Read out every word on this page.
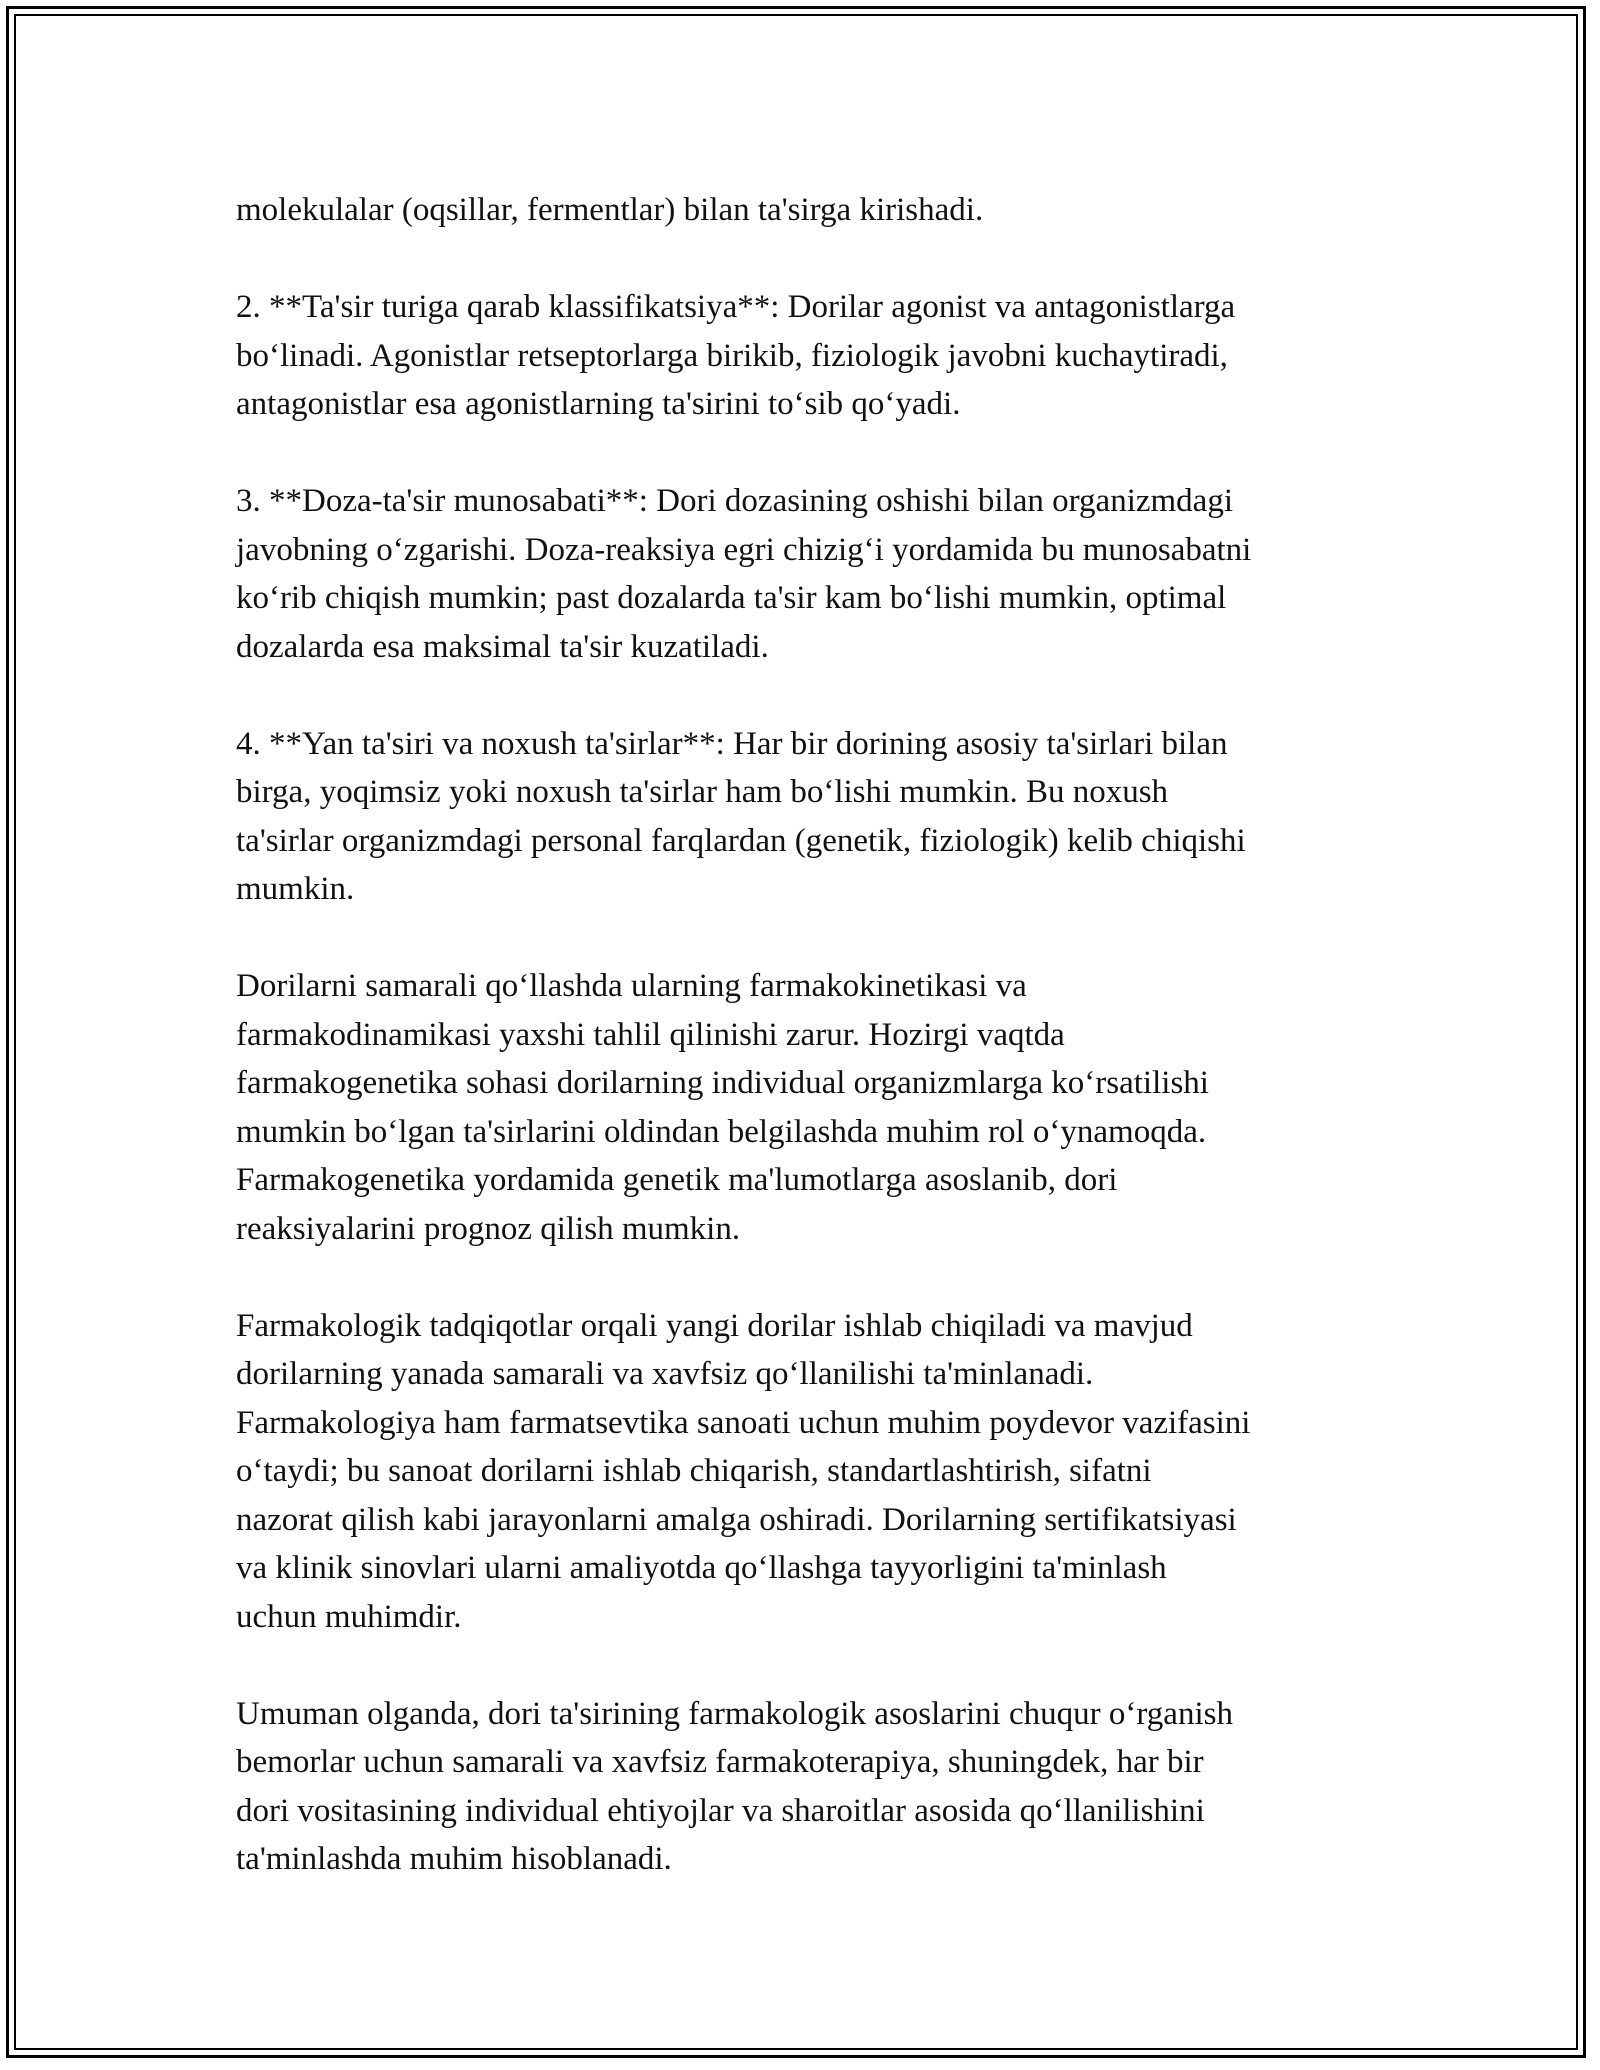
molekulalar (oqsillar, fermentlar) bilan ta'sirga kirishadi.

2. **Ta'sir turiga qarab klassifikatsiya**: Dorilar agonist va antagonistlarga
bo‘linadi. Agonistlar retseptorlarga birikib, fiziologik javobni kuchaytiradi,
antagonistlar esa agonistlarning ta'sirini to‘sib qo‘yadi.

3. **Doza-ta'sir munosabati**: Dori dozasining oshishi bilan organizmdagi
javobning o‘zgarishi. Doza-reaksiya egri chizig‘i yordamida bu munosabatni
ko‘rib chiqish mumkin; past dozalarda ta'sir kam bo‘lishi mumkin, optimal
dozalarda esa maksimal ta'sir kuzatiladi.

4. **Yan ta'siri va noxush ta'sirlar**: Har bir dorining asosiy ta'sirlari bilan
birga, yoqimsiz yoki noxush ta'sirlar ham bo‘lishi mumkin. Bu noxush
ta'sirlar organizmdagi personal farqlardan (genetik, fiziologik) kelib chiqishi
mumkin.

Dorilarni samarali qo‘llashda ularning farmakokinetikasi va
farmakodinamikasi yaxshi tahlil qilinishi zarur. Hozirgi vaqtda
farmakogenetika sohasi dorilarning individual organizmlarga ko‘rsatilishi
mumkin bo‘lgan ta'sirlarini oldindan belgilashda muhim rol o‘ynamoqda.
Farmakogenetika yordamida genetik ma'lumotlarga asoslanib, dori
reaksiyalarini prognoz qilish mumkin.

Farmakologik tadqiqotlar orqali yangi dorilar ishlab chiqiladi va mavjud
dorilarning yanada samarali va xavfsiz qo‘llanilishi ta'minlanadi.
Farmakologiya ham farmatsevtika sanoati uchun muhim poydevor vazifasini
o‘taydi; bu sanoat dorilarni ishlab chiqarish, standartlashtirish, sifatni
nazorat qilish kabi jarayonlarni amalga oshiradi. Dorilarning sertifikatsiyasi
va klinik sinovlari ularni amaliyotda qo‘llashga tayyorligini ta'minlash
uchun muhimdir.

Umuman olganda, dori ta'sirining farmakologik asoslarini chuqur o‘rganish
bemorlar uchun samarali va xavfsiz farmakoterapiya, shuningdek, har bir
dori vositasining individual ehtiyojlar va sharoitlar asosida qo‘llanilishini
ta'minlashda muhim hisoblanadi.
